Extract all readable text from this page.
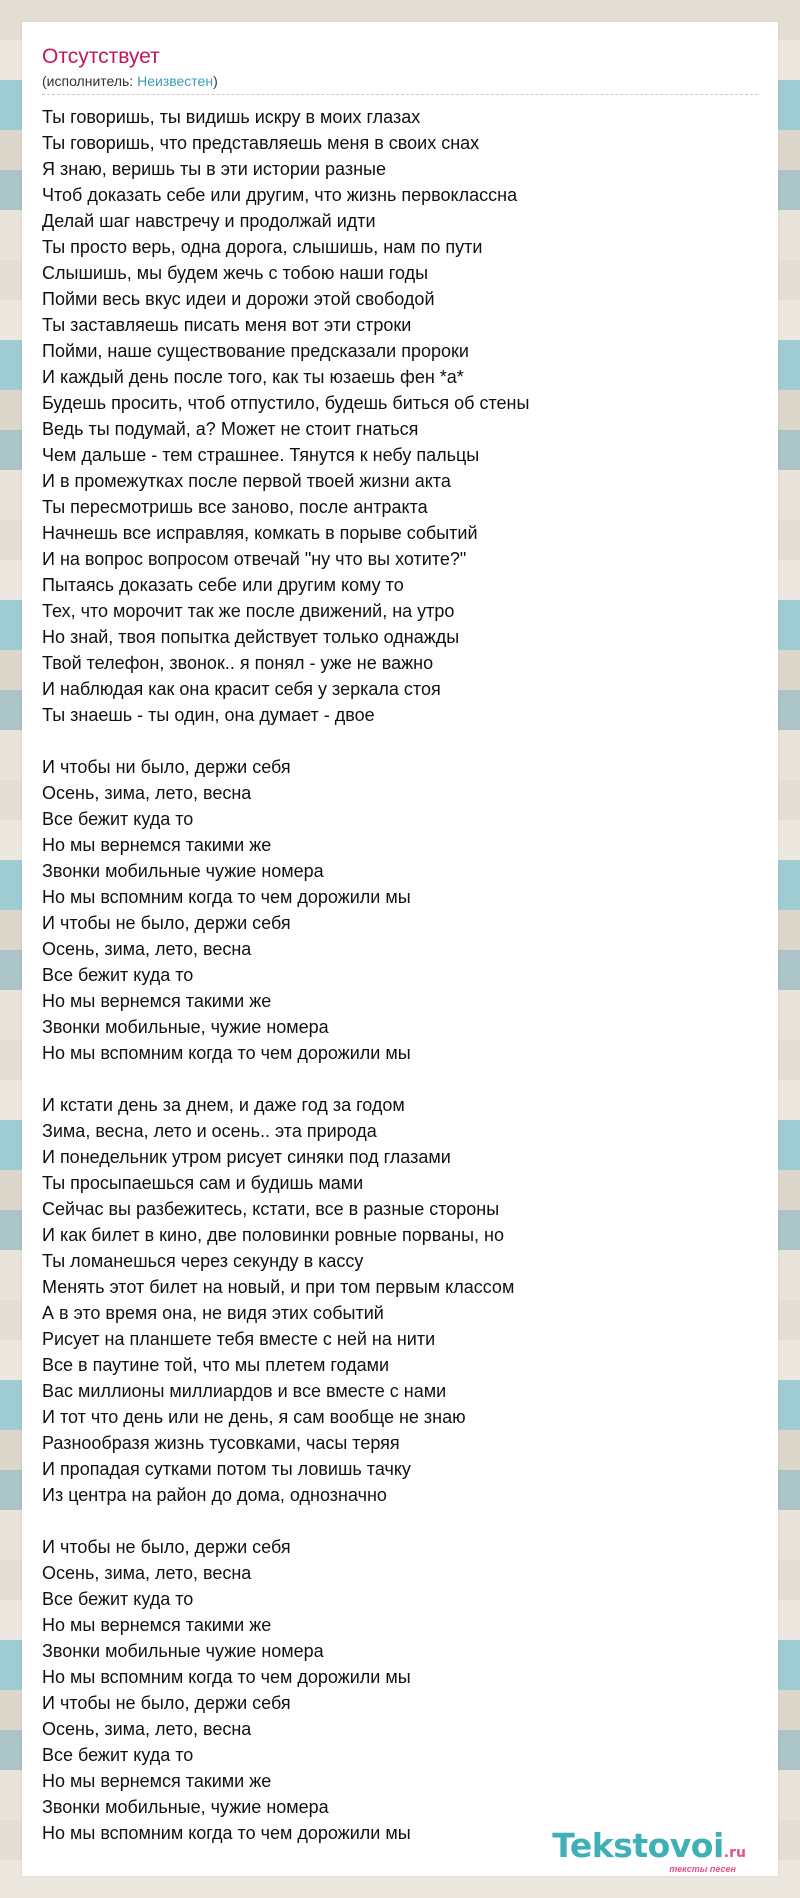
Отсутствует
(исполнитель: Неизвестен)
Ты говоришь, ты видишь искру в моих глазах
Ты говоришь, что представляешь меня в своих снах
Я знаю, веришь ты в эти истории разные
Чтоб доказать себе или другим, что жизнь первоклассна
Делай шаг навстречу и продолжай идти
Ты просто верь, одна дорога, слышишь, нам по пути
Слышишь, мы будем жечь с тобою наши годы
Пойми весь вкус идеи и дорожи этой свободой
Ты заставляешь писать меня вот эти строки
Пойми, наше существование предсказали пророки
И каждый день после того, как ты юзаешь фен *а*
Будешь просить, чтоб отпустило, будешь биться об стены
Ведь ты подумай, а? Может не стоит гнаться
Чем дальше - тем страшнее. Тянутся к небу пальцы
И в промежутках после первой твоей жизни акта
Ты пересмотришь все заново, после антракта
Начнешь все исправляя, комкать в порыве событий
И на вопрос вопросом отвечай "ну что вы хотите?"
Пытаясь доказать себе или другим кому то
Тех, что морочит так же после движений, на утро
Но знай, твоя попытка действует только однажды
Твой телефон, звонок.. я понял - уже не важно
И наблюдая как она красит себя у зеркала стоя
Ты знаешь - ты один, она думает - двое
И чтобы ни было, держи себя
Осень, зима, лето, весна
Все бежит куда то
Но мы вернемся такими же
Звонки мобильные чужие номера
Но мы вспомним когда то чем дорожили мы
И чтобы не было, держи себя
Осень, зима, лето, весна
Все бежит куда то
Но мы вернемся такими же
Звонки мобильные, чужие номера
Но мы вспомним когда то чем дорожили мы
И кстати день за днем, и даже год за годом
Зима, весна, лето и осень.. эта природа
И понедельник утром рисует синяки под глазами
Ты просыпаешься сам и будишь мами
Сейчас вы разбежитесь, кстати, все в разные стороны
И как билет в кино, две половинки ровные порваны, но
Ты ломанешься через секунду в кассу
Менять этот билет на новый, и при том первым классом
А в это время она, не видя этих событий
Рисует на планшете тебя вместе с ней на нити
Все в паутине той, что мы плетем годами
Вас миллионы миллиардов и все вместе с нами
И тот что день или не день, я сам вообще не знаю
Разнообразя жизнь тусовками, часы теряя
И пропадая сутками потом ты ловишь тачку
Из центра на район до дома, однозначно
И чтобы не было, держи себя
Осень, зима, лето, весна
Все бежит куда то
Но мы вернемся такими же
Звонки мобильные чужие номера
Но мы вспомним когда то чем дорожили мы
И чтобы не было, держи себя
Осень, зима, лето, весна
Все бежит куда то
Но мы вернемся такими же
Звонки мобильные, чужие номера
Но мы вспомним когда то чем дорожили мы	Tekstovoi.ru
тексты песен
